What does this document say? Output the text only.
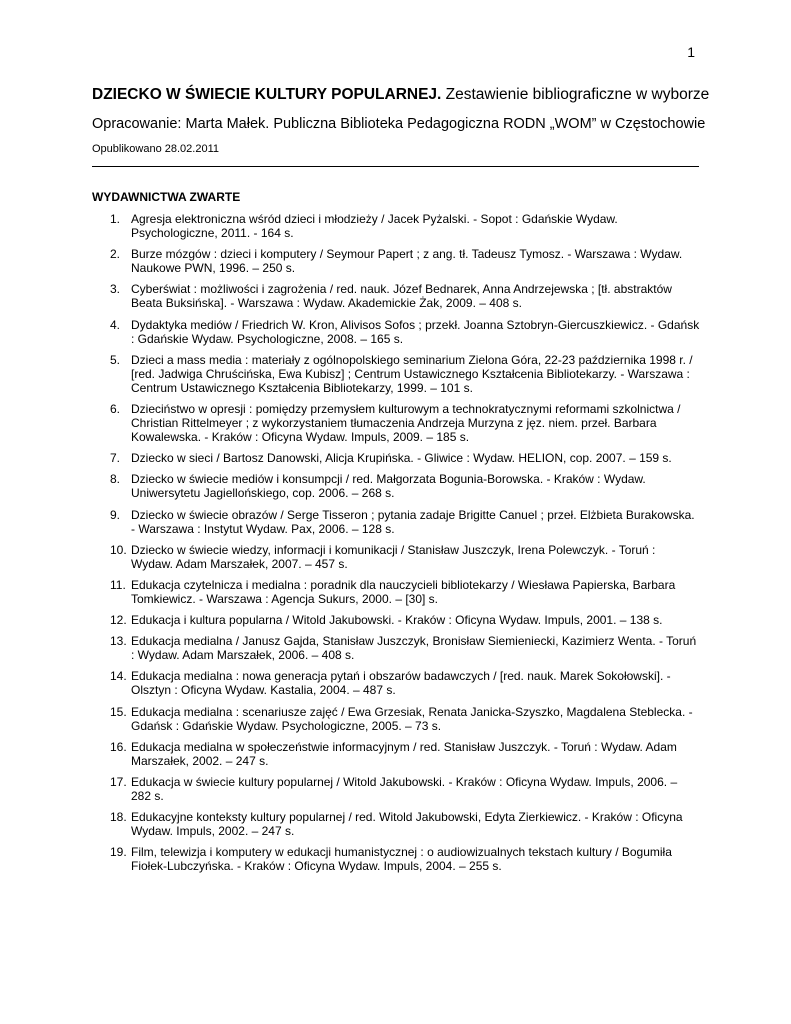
1
DZIECKO W ŚWIECIE KULTURY POPULARNEJ. Zestawienie bibliograficzne w wyborze
Opracowanie: Marta Małek. Publiczna Biblioteka Pedagogiczna RODN „WOM” w Częstochowie
Opublikowano 28.02.2011
WYDAWNICTWA ZWARTE
1. Agresja elektroniczna wśród dzieci i młodzieży / Jacek Pyżalski. - Sopot : Gdańskie Wydaw. Psychologiczne, 2011. - 164 s.
2. Burze mózgów : dzieci i komputery / Seymour Papert ; z ang. tł. Tadeusz Tymosz. - Warszawa : Wydaw. Naukowe PWN, 1996. – 250 s.
3. Cyberświat : możliwości i zagrożenia / red. nauk. Józef Bednarek, Anna Andrzejewska ; [tł. abstraktów Beata Buksińska]. - Warszawa : Wydaw. Akademickie Żak, 2009. – 408 s.
4. Dydaktyka mediów / Friedrich W. Kron, Alivisos Sofos ; przekł. Joanna Sztobryn-Giercuszkiewicz. - Gdańsk : Gdańskie Wydaw. Psychologiczne, 2008. – 165 s.
5. Dzieci a mass media : materiały z ogólnopolskiego seminarium Zielona Góra, 22-23 października 1998 r. / [red. Jadwiga Chruścińska, Ewa Kubisz] ; Centrum Ustawicznego Kształcenia Bibliotekarzy. - Warszawa : Centrum Ustawicznego Kształcenia Bibliotekarzy, 1999. – 101 s.
6. Dzieciństwo w opresji : pomiędzy przemysłem kulturowym a technokratycznymi reformami szkolnictwa / Christian Rittelmeyer ; z wykorzystaniem tłumaczenia Andrzeja Murzyna z jęz. niem. przeł. Barbara Kowalewska. - Kraków : Oficyna Wydaw. Impuls, 2009. – 185 s.
7. Dziecko w sieci / Bartosz Danowski, Alicja Krupińska. - Gliwice : Wydaw. HELION, cop. 2007. – 159 s.
8. Dziecko w świecie mediów i konsumpcji / red. Małgorzata Bogunia-Borowska. - Kraków : Wydaw. Uniwersytetu Jagiellońskiego, cop. 2006. – 268 s.
9. Dziecko w świecie obrazów / Serge Tisseron ; pytania zadaje Brigitte Canuel ; przeł. Elżbieta Burakowska. - Warszawa : Instytut Wydaw. Pax, 2006. – 128 s.
10. Dziecko w świecie wiedzy, informacji i komunikacji / Stanisław Juszczyk, Irena Polewczyk. - Toruń : Wydaw. Adam Marszałek, 2007. – 457 s.
11. Edukacja czytelnicza i medialna : poradnik dla nauczycieli bibliotekarzy / Wiesława Papierska, Barbara Tomkiewicz. - Warszawa : Agencja Sukurs, 2000. – [30] s.
12. Edukacja i kultura popularna / Witold Jakubowski. - Kraków : Oficyna Wydaw. Impuls, 2001. – 138 s.
13. Edukacja medialna / Janusz Gajda, Stanisław Juszczyk, Bronisław Siemieniecki, Kazimierz Wenta. - Toruń : Wydaw. Adam Marszałek, 2006. – 408 s.
14. Edukacja medialna : nowa generacja pytań i obszarów badawczych / [red. nauk. Marek Sokołowski]. - Olsztyn : Oficyna Wydaw. Kastalia, 2004. – 487 s.
15. Edukacja medialna : scenariusze zajęć / Ewa Grzesiak, Renata Janicka-Szyszko, Magdalena Steblecka. - Gdańsk : Gdańskie Wydaw. Psychologiczne, 2005. – 73 s.
16. Edukacja medialna w społeczeństwie informacyjnym / red. Stanisław Juszczyk. - Toruń : Wydaw. Adam Marszałek, 2002. – 247 s.
17. Edukacja w świecie kultury popularnej / Witold Jakubowski. - Kraków : Oficyna Wydaw. Impuls, 2006. – 282 s.
18. Edukacyjne konteksty kultury popularnej / red. Witold Jakubowski, Edyta Zierkiewicz. - Kraków : Oficyna Wydaw. Impuls, 2002. – 247 s.
19. Film, telewizja i komputery w edukacji humanistycznej : o audiowizualnych tekstach kultury / Bogumiła Fiołek-Lubczyńska. - Kraków : Oficyna Wydaw. Impuls, 2004. – 255 s.
